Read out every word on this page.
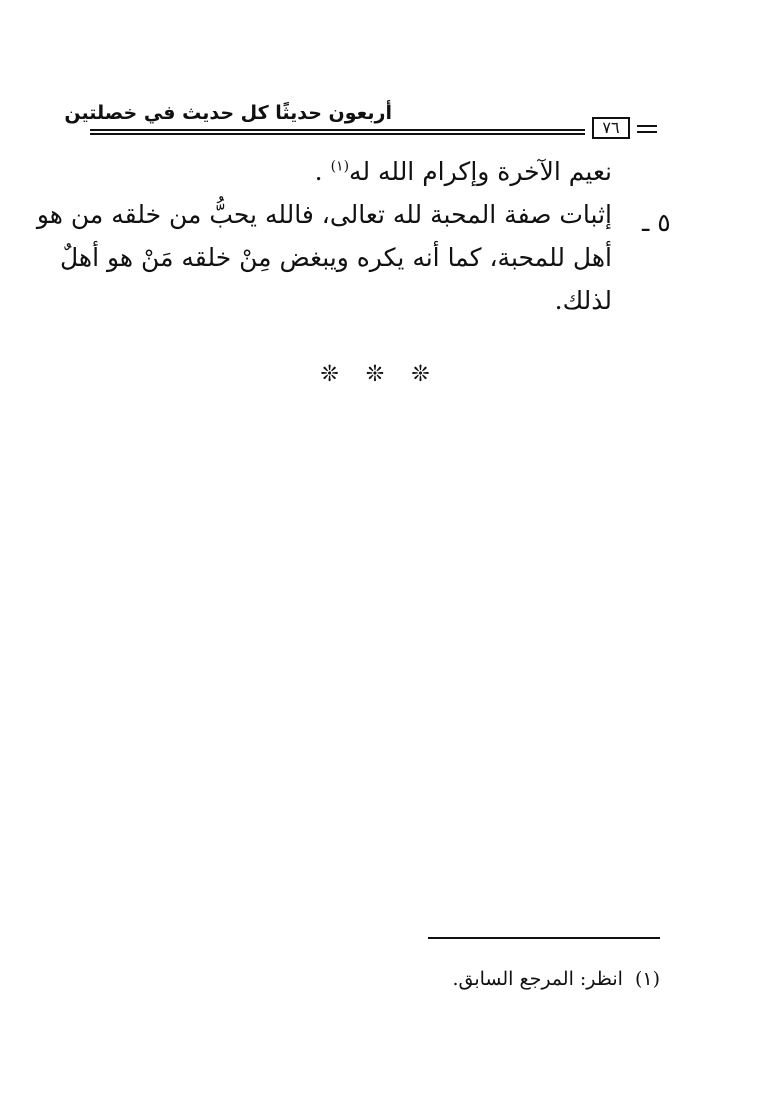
أربعون حديثًا كل حديث في خصلتين
٧٦
نعيم الآخرة وإكرام الله له$^{(١)}$ .
إثبات صفة المحبة لله تعالى، فالله يحبُّ من خلقه من هو
أهل للمحبة، كما أنه يكره ويبغض مِنْ خلقه مَنْ هو أهلٌ
لذلك.
٥ ـ
❊ ❊ ❊
(١)انظر: المرجع السابق.
